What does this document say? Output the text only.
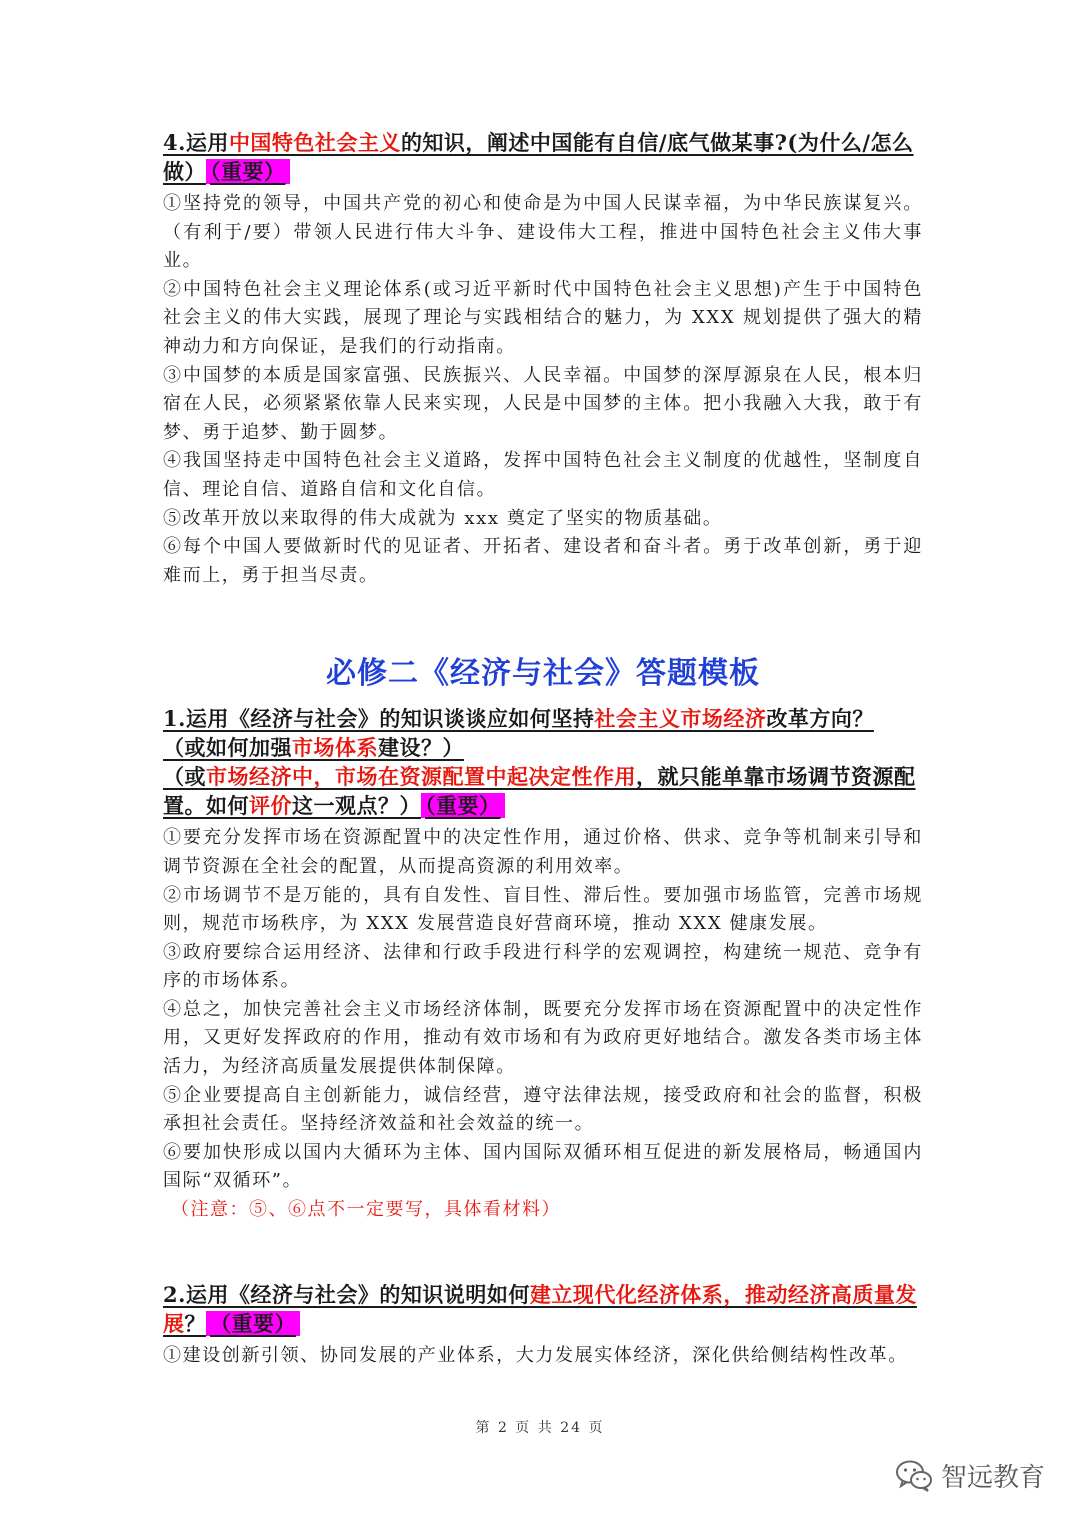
4.运用中国特色社会主义的知识，阐述中国能有自信/底气做某事?(为什么/怎么做） （重要）

①坚持党的领导，中国共产党的初心和使命是为中国人民谋幸福，为中华民族谋复兴。（有利于/要）带领人民进行伟大斗争、建设伟大工程，推进中国特色社会主义伟大事业。

②中国特色社会主义理论体系(或习近平新时代中国特色社会主义思想)产生于中国特色社会主义的伟大实践，展现了理论与实践相结合的魅力，为 XXX 规划提供了强大的精神动力和方向保证，是我们的行动指南。

③中国梦的本质是国家富强、民族振兴、人民幸福。中国梦的深厚源泉在人民，根本归宿在人民，必须紧紧依靠人民来实现，人民是中国梦的主体。把小我融入大我，敢于有梦、勇于追梦、勤于圆梦。

④我国坚持走中国特色社会主义道路，发挥中国特色社会主义制度的优越性，坚制度自信、理论自信、道路自信和文化自信。

⑤改革开放以来取得的伟大成就为 xxx 奠定了坚实的物质基础。

⑥每个中国人要做新时代的见证者、开拓者、建设者和奋斗者。勇于改革创新，勇于迎难而上，勇于担当尽责。

必修二《经济与社会》答题模板

1.运用《经济与社会》的知识谈谈应如何坚持社会主义市场经济改革方向？

（或如何加强市场体系建设？）

（或市场经济中，市场在资源配置中起决定性作用，就只能单靠市场调节资源配置。如何评价这一观点？） （重要）

①要充分发挥市场在资源配置中的决定性作用，通过价格、供求、竞争等机制来引导和调节资源在全社会的配置，从而提高资源的利用效率。

②市场调节不是万能的，具有自发性、盲目性、滞后性。要加强市场监管，完善市场规则，规范市场秩序，为 XXX 发展营造良好营商环境，推动 XXX 健康发展。

③政府要综合运用经济、法律和行政手段进行科学的宏观调控，构建统一规范、竞争有序的市场体系。

④总之，加快完善社会主义市场经济体制，既要充分发挥市场在资源配置中的决定性作用，又更好发挥政府的作用，推动有效市场和有为政府更好地结合。激发各类市场主体活力，为经济高质量发展提供体制保障。

⑤企业要提高自主创新能力，诚信经营，遵守法律法规，接受政府和社会的监督，积极承担社会责任。坚持经济效益和社会效益的统一。

⑥要加快形成以国内大循环为主体、国内国际双循环相互促进的新发展格局，畅通国内国际“双循环”。

（注意：⑤、⑥点不一定要写，具体看材料）

2.运用《经济与社会》的知识说明如何建立现代化经济体系，推动经济高质量发展？ （重要）

①建设创新引领、协同发展的产业体系，大力发展实体经济，深化供给侧结构性改革。

第 2 页 共 24 页
智远教育
